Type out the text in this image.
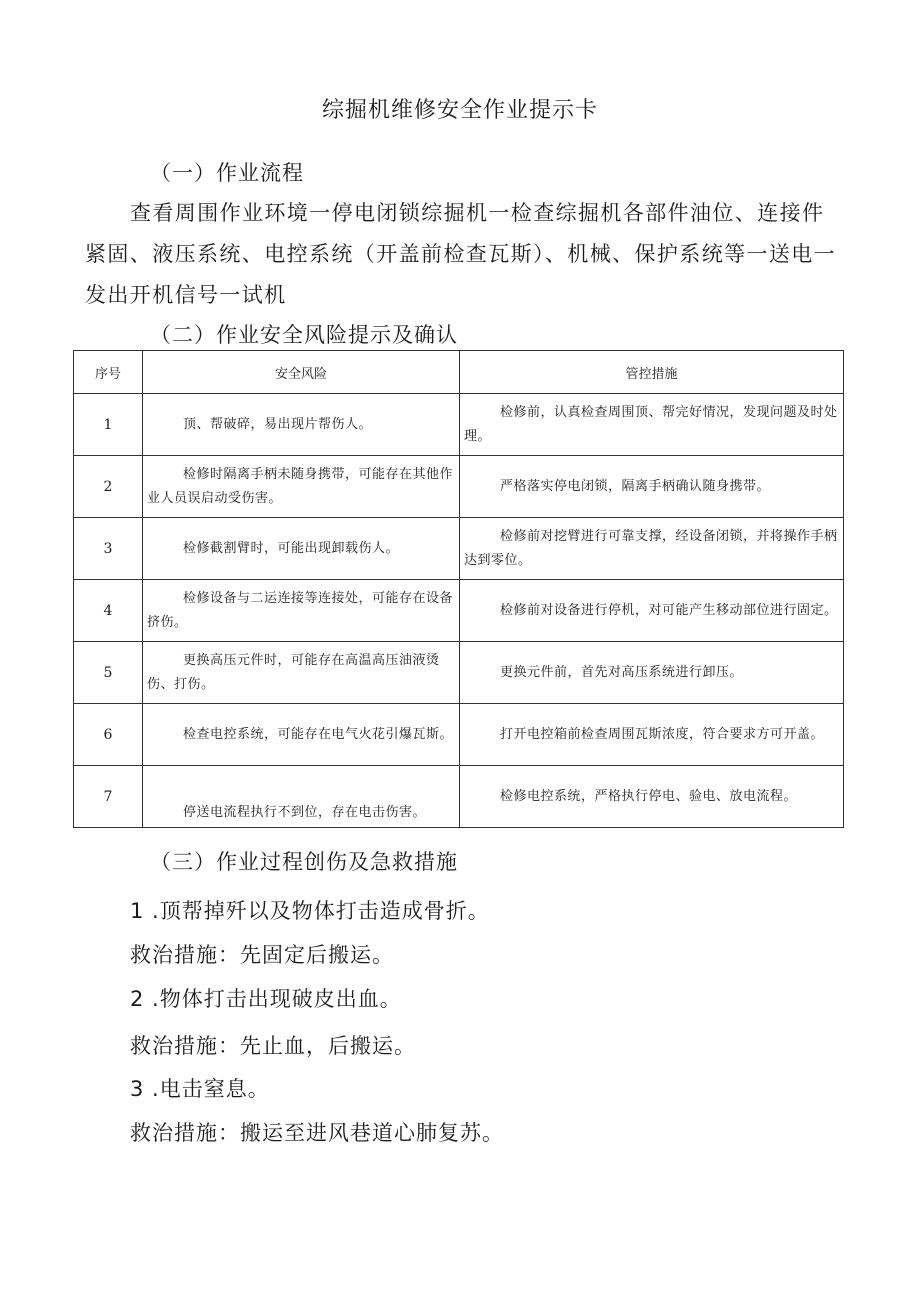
综掘机维修安全作业提示卡
（一）作业流程

查看周围作业环境一停电闭锁综掘机一检查综掘机各部件油位、连接件紧固、液压系统、电控系统（开盖前检查瓦斯）、机械、保护系统等一送电一发出开机信号一试机

（二）作业安全风险提示及确认
序号	安全风险	管控措施
1	顶、帮破碎，易出现片帮伤人。	检修前，认真检查周围顶、帮完好情况，发现问题及时处理。
2	检修时隔离手柄未随身携带，可能存在其他作业人员误启动受伤害。	严格落实停电闭锁，隔离手柄确认随身携带。
3	检修截割臂时，可能出现卸载伤人。	检修前对挖臂进行可靠支撑，经设备闭锁，并将操作手柄达到零位。
4	检修设备与二运连接等连接处，可能存在设备挤伤。	检修前对设备进行停机，对可能产生移动部位进行固定。
5	更换高压元件时，可能存在高温高压油液烫伤、打伤。	更换元件前，首先对高压系统进行卸压。
6	检查电控系统，可能存在电气火花引爆瓦斯。	打开电控箱前检查周围瓦斯浓度，符合要求方可开盖。
7	停送电流程执行不到位，存在电击伤害。	检修电控系统，严格执行停电、验电、放电流程。
（三）作业过程创伤及急救措施
1 .顶帮掉歼以及物体打击造成骨折。
救治措施：先固定后搬运。
2 .物体打击出现破皮出血。
救治措施：先止血，后搬运。
3 .电击窒息。
救治措施：搬运至进风巷道心肺复苏。
